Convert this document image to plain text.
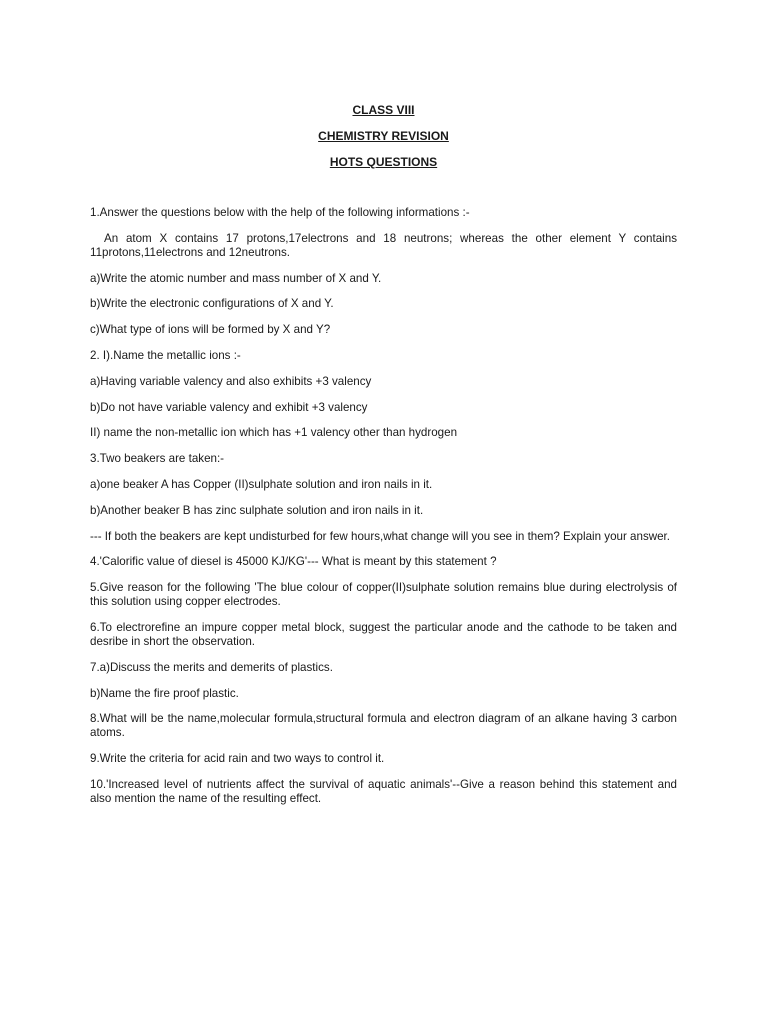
CLASS VIII
CHEMISTRY REVISION
HOTS QUESTIONS

1.Answer the questions below with the help of the following informations :-

An atom X contains 17 protons,17electrons and 18 neutrons; whereas the other element Y contains 11protons,11electrons and 12neutrons.

a)Write the atomic number and mass number of X and Y.

b)Write the electronic configurations of X and Y.

c)What type of ions will be formed by X and Y?

2. I).Name the metallic ions :-

a)Having variable valency and also exhibits +3 valency

b)Do not have variable valency and exhibit +3 valency

II) name the non-metallic ion which has +1 valency other than hydrogen

3.Two beakers are taken:-

a)one beaker A has Copper (II)sulphate solution and iron nails in it.

b)Another beaker B has zinc sulphate solution and iron nails in it.

--- If both the beakers are kept undisturbed for few hours,what change will you see in them? Explain your answer.

4.'Calorific value of diesel is 45000 KJ/KG'--- What is meant by this statement ?

5.Give reason for the following 'The blue colour of copper(II)sulphate solution remains blue during electrolysis of this solution using copper electrodes.

6.To electrorefine an impure copper metal block, suggest the particular anode and the cathode to be taken and desribe in short the observation.

7.a)Discuss the merits and demerits of plastics.

b)Name the fire proof plastic.

8.What will be the name,molecular formula,structural formula and electron diagram of an alkane having 3 carbon atoms.

9.Write the criteria for acid rain and two ways to control it.

10.'Increased level of nutrients affect the survival of aquatic animals'--Give a reason behind this statement and also mention the name of the resulting effect.
